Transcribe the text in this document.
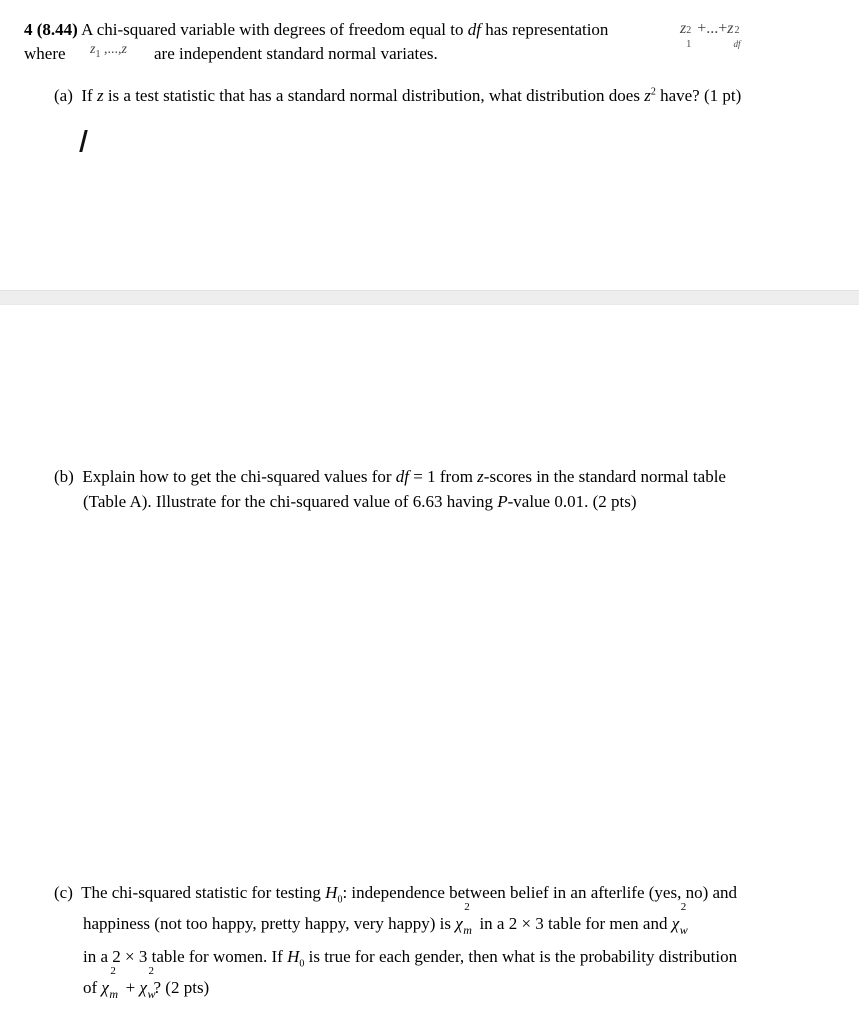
4 (8.44) A chi-squared variable with degrees of freedom equal to df has representation	z 2
1
+...+z 2
df
where $z_1$ ,...,z are independent standard normal variates.
(a) If z is a test statistic that has a standard normal distribution, what distribution does $z^2$ have? (1 pt)
(b) Explain how to get the chi-squared values for df = 1 from z-scores in the standard normal table
(Table A). Illustrate for the chi-squared value of 6.63 having P-value 0.01. (2 pts)
(c) The chi-squared statistic for testing $H_0$: independence between belief in an afterlife (yes, no) and
happiness (not too happy, pretty happy, very happy) is χ
2
m in a 2 × 3 table for men and χ
2
w
in a 2 × 3 table for women. If $H_0$ is true for each gender, then what is the probability distribution
of χ
2
m + χ
2
w
? (2 pts)
